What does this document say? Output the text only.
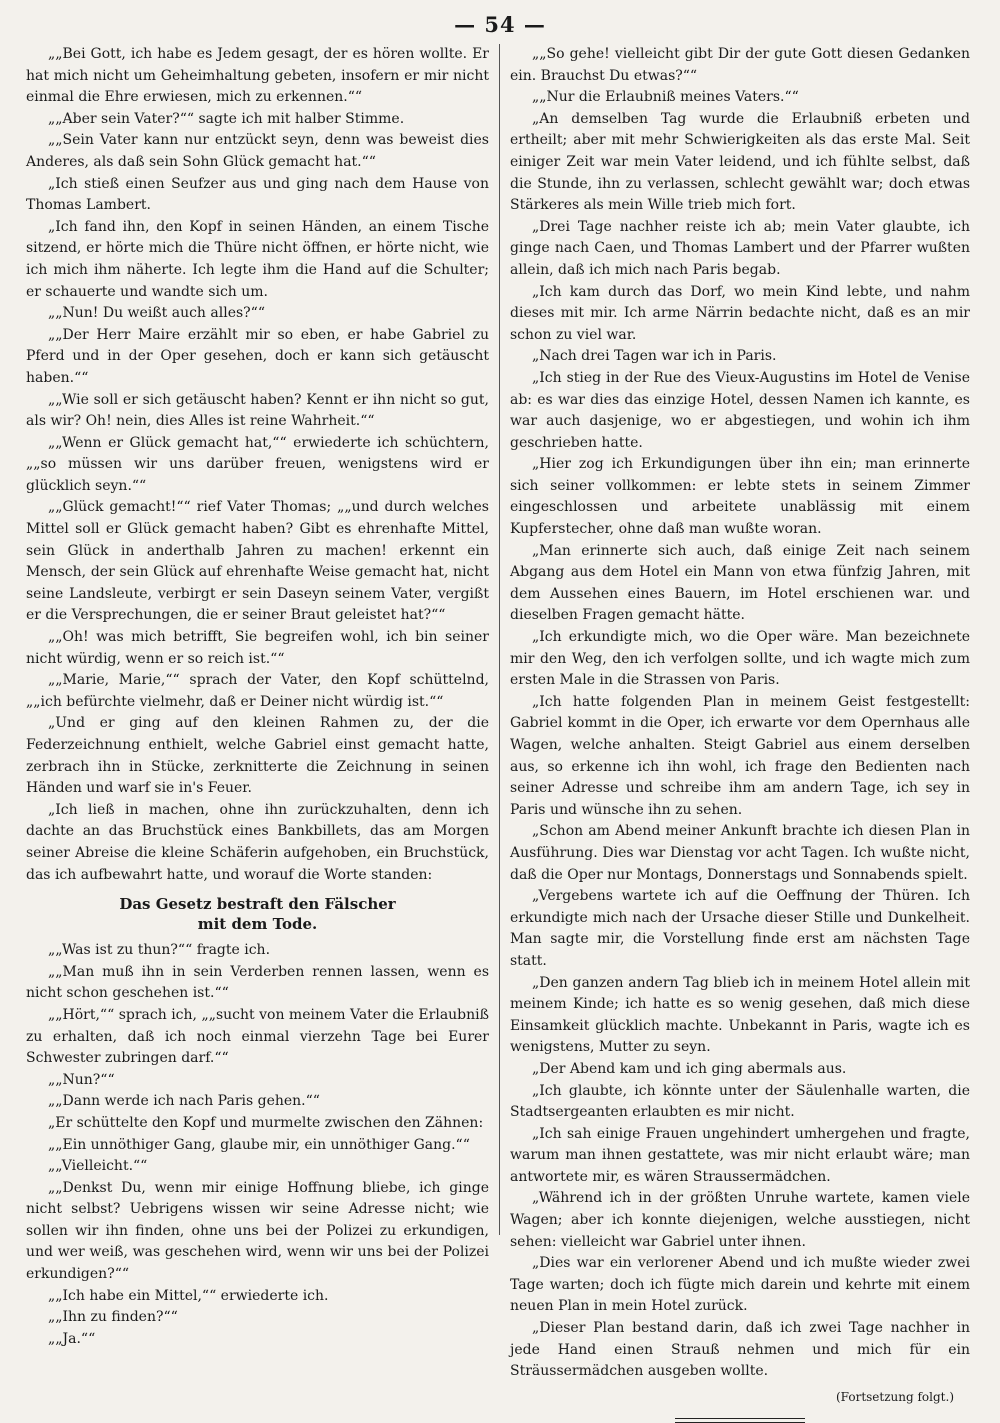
— 54 —

„„Bei Gott, ich habe es Jedem gesagt, der es hören wollte. Er hat mich nicht um Geheimhaltung gebeten, insofern er mir nicht einmal die Ehre erwiesen, mich zu erkennen.““

„„Aber sein Vater?““ sagte ich mit halber Stimme.

„„Sein Vater kann nur entzückt seyn, denn was beweist dies Anderes, als daß sein Sohn Glück gemacht hat.““

„Ich stieß einen Seufzer aus und ging nach dem Hause von Thomas Lambert.

„Ich fand ihn, den Kopf in seinen Händen, an einem Tische sitzend, er hörte mich die Thüre nicht öffnen, er hörte nicht, wie ich mich ihm näherte. Ich legte ihm die Hand auf die Schulter; er schauerte und wandte sich um.

„„Nun! Du weißt auch alles?““

„„Der Herr Maire erzählt mir so eben, er habe Gabriel zu Pferd und in der Oper gesehen, doch er kann sich getäuscht haben.““

„„Wie soll er sich getäuscht haben? Kennt er ihn nicht so gut, als wir? Oh! nein, dies Alles ist reine Wahrheit.““

„„Wenn er Glück gemacht hat,““ erwiederte ich schüchtern, „„so müssen wir uns darüber freuen, wenigstens wird er glücklich seyn.““

„„Glück gemacht!““ rief Vater Thomas; „„und durch welches Mittel soll er Glück gemacht haben? Gibt es ehrenhafte Mittel, sein Glück in anderthalb Jahren zu machen! erkennt ein Mensch, der sein Glück auf ehrenhafte Weise gemacht hat, nicht seine Landsleute, verbirgt er sein Daseyn seinem Vater, vergißt er die Versprechungen, die er seiner Braut geleistet hat?““

„„Oh! was mich betrifft, Sie begreifen wohl, ich bin seiner nicht würdig, wenn er so reich ist.““

„„Marie, Marie,““ sprach der Vater, den Kopf schüttelnd, „„ich befürchte vielmehr, daß er Deiner nicht würdig ist.““

„Und er ging auf den kleinen Rahmen zu, der die Federzeichnung enthielt, welche Gabriel einst gemacht hatte, zerbrach ihn in Stücke, zerknitterte die Zeichnung in seinen Händen und warf sie in's Feuer.

„Ich ließ in machen, ohne ihn zurückzuhalten, denn ich dachte an das Bruchstück eines Bankbillets, das am Morgen seiner Abreise die kleine Schäferin aufgehoben, ein Bruchstück, das ich aufbewahrt hatte, und worauf die Worte standen:

Das Gesetz bestraft den Fälscher
mit dem Tode.

„„Was ist zu thun?““ fragte ich.

„„Man muß ihn in sein Verderben rennen lassen, wenn es nicht schon geschehen ist.““

„„Hört,““ sprach ich, „„sucht von meinem Vater die Erlaubniß zu erhalten, daß ich noch einmal vierzehn Tage bei Eurer Schwester zubringen darf.““

„„Nun?““

„„Dann werde ich nach Paris gehen.““

„Er schüttelte den Kopf und murmelte zwischen den Zähnen:

„„Ein unnöthiger Gang, glaube mir, ein unnöthiger Gang.““

„„Vielleicht.““

„„Denkst Du, wenn mir einige Hoffnung bliebe, ich ginge nicht selbst? Uebrigens wissen wir seine Adresse nicht; wie sollen wir ihn finden, ohne uns bei der Polizei zu erkundigen, und wer weiß, was geschehen wird, wenn wir uns bei der Polizei erkundigen?““

„„Ich habe ein Mittel,““ erwiederte ich.

„„Ihn zu finden?““

„„Ja.““

„„So gehe! vielleicht gibt Dir der gute Gott diesen Gedanken ein. Brauchst Du etwas?““

„„Nur die Erlaubniß meines Vaters.““

„An demselben Tag wurde die Erlaubniß erbeten und ertheilt; aber mit mehr Schwierigkeiten als das erste Mal. Seit einiger Zeit war mein Vater leidend, und ich fühlte selbst, daß die Stunde, ihn zu verlassen, schlecht gewählt war; doch etwas Stärkeres als mein Wille trieb mich fort.

„Drei Tage nachher reiste ich ab; mein Vater glaubte, ich ginge nach Caen, und Thomas Lambert und der Pfarrer wußten allein, daß ich mich nach Paris begab.

„Ich kam durch das Dorf, wo mein Kind lebte, und nahm dieses mit mir. Ich arme Närrin bedachte nicht, daß es an mir schon zu viel war.

„Nach drei Tagen war ich in Paris.

„Ich stieg in der Rue des Vieux-Augustins im Hotel de Venise ab: es war dies das einzige Hotel, dessen Namen ich kannte, es war auch dasjenige, wo er abgestiegen, und wohin ich ihm geschrieben hatte.

„Hier zog ich Erkundigungen über ihn ein; man erinnerte sich seiner vollkommen: er lebte stets in seinem Zimmer eingeschlossen und arbeitete unablässig mit einem Kupferstecher, ohne daß man wußte woran.

„Man erinnerte sich auch, daß einige Zeit nach seinem Abgang aus dem Hotel ein Mann von etwa fünfzig Jahren, mit dem Aussehen eines Bauern, im Hotel erschienen war. und dieselben Fragen gemacht hätte.

„Ich erkundigte mich, wo die Oper wäre. Man bezeichnete mir den Weg, den ich verfolgen sollte, und ich wagte mich zum ersten Male in die Strassen von Paris.

„Ich hatte folgenden Plan in meinem Geist festgestellt: Gabriel kommt in die Oper, ich erwarte vor dem Opernhaus alle Wagen, welche anhalten. Steigt Gabriel aus einem derselben aus, so erkenne ich ihn wohl, ich frage den Bedienten nach seiner Adresse und schreibe ihm am andern Tage, ich sey in Paris und wünsche ihn zu sehen.

„Schon am Abend meiner Ankunft brachte ich diesen Plan in Ausführung. Dies war Dienstag vor acht Tagen. Ich wußte nicht, daß die Oper nur Montags, Donnerstags und Sonnabends spielt.

„Vergebens wartete ich auf die Oeffnung der Thüren. Ich erkundigte mich nach der Ursache dieser Stille und Dunkelheit. Man sagte mir, die Vorstellung finde erst am nächsten Tage statt.

„Den ganzen andern Tag blieb ich in meinem Hotel allein mit meinem Kinde; ich hatte es so wenig gesehen, daß mich diese Einsamkeit glücklich machte. Unbekannt in Paris, wagte ich es wenigstens, Mutter zu seyn.

„Der Abend kam und ich ging abermals aus.

„Ich glaubte, ich könnte unter der Säulenhalle warten, die Stadtsergeanten erlaubten es mir nicht.

„Ich sah einige Frauen ungehindert umhergehen und fragte, warum man ihnen gestattete, was mir nicht erlaubt wäre; man antwortete mir, es wären Straussermädchen.

„Während ich in der größten Unruhe wartete, kamen viele Wagen; aber ich konnte diejenigen, welche ausstiegen, nicht sehen: vielleicht war Gabriel unter ihnen.

„Dies war ein verlorener Abend und ich mußte wieder zwei Tage warten; doch ich fügte mich darein und kehrte mit einem neuen Plan in mein Hotel zurück.

„Dieser Plan bestand darin, daß ich zwei Tage nachher in jede Hand einen Strauß nehmen und mich für ein Sträussermädchen ausgeben wollte.

(Fortsetzung folgt.)
